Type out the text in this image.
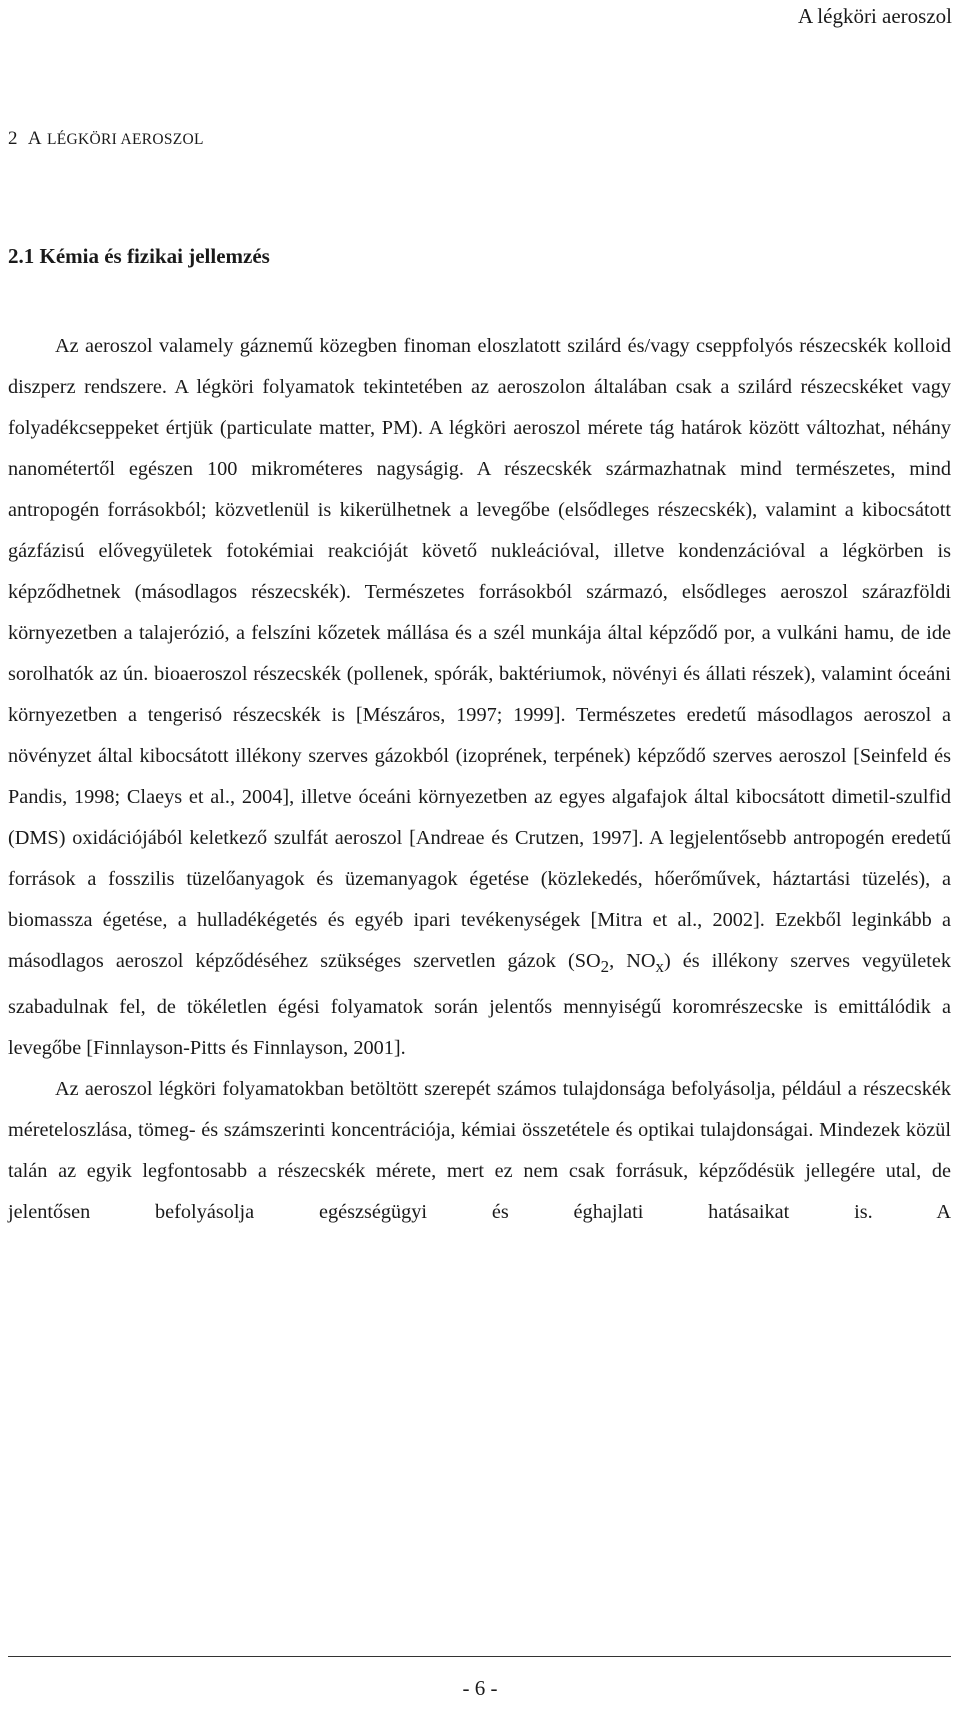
A légköri aeroszol
2 A LÉGKÖRI AEROSZOL
2.1 Kémia és fizikai jellemzés

Az aeroszol valamely gáznemű közegben finoman eloszlatott szilárd és/vagy cseppfolyós részecskék kolloid diszperz rendszere. A légköri folyamatok tekintetében az aeroszolon általában csak a szilárd részecskéket vagy folyadékcseppeket értjük (particulate matter, PM). A légköri aeroszol mérete tág határok között változhat, néhány nanométertől egészen 100 mikrométeres nagyságig. A részecskék származhatnak mind természetes, mind antropogén forrásokból; közvetlenül is kikerülhetnek a levegőbe (elsődleges részecskék), valamint a kibocsátott gázfázisú elővegyületek fotokémiai reakcióját követő nukleációval, illetve kondenzációval a légkörben is képződhetnek (másodlagos részecskék). Természetes forrásokból származó, elsődleges aeroszol szárazföldi környezetben a talajerózió, a felszíni kőzetek mállása és a szél munkája által képződő por, a vulkáni hamu, de ide sorolhatók az ún. bioaeroszol részecskék (pollenek, spórák, baktériumok, növényi és állati részek), valamint óceáni környezetben a tengerisó részecskék is [Mészáros, 1997; 1999]. Természetes eredetű másodlagos aeroszol a növényzet által kibocsátott illékony szerves gázokból (izoprének, terpének) képződő szerves aeroszol [Seinfeld és Pandis, 1998; Claeys et al., 2004], illetve óceáni környezetben az egyes algafajok által kibocsátott dimetil-szulfid (DMS) oxidációjából keletkező szulfát aeroszol [Andreae és Crutzen, 1997]. A legjelentősebb antropogén eredetű források a fosszilis tüzelőanyagok és üzemanyagok égetése (közlekedés, hőerőművek, háztartási tüzelés), a biomassza égetése, a hulladékégetés és egyéb ipari tevékenységek [Mitra et al., 2002]. Ezekből leginkább a másodlagos aeroszol képződéséhez szükséges szervetlen gázok ($SO_2$, $NO_x$) és illékony szerves vegyületek szabadulnak fel, de tökéletlen égési folyamatok során jelentős mennyiségű koromrészecske is emittálódik a levegőbe [Finnlayson-Pitts és Finnlayson, 2001].

Az aeroszol légköri folyamatokban betöltött szerepét számos tulajdonsága befolyásolja, például a részecskék méreteloszlása, tömeg- és számszerinti koncentrációja, kémiai összetétele és optikai tulajdonságai. Mindezek közül talán az egyik legfontosabb a részecskék mérete, mert ez nem csak forrásuk, képződésük jellegére utal, de jelentősen befolyásolja egészségügyi és éghajlati hatásaikat is. A

- 6 -
